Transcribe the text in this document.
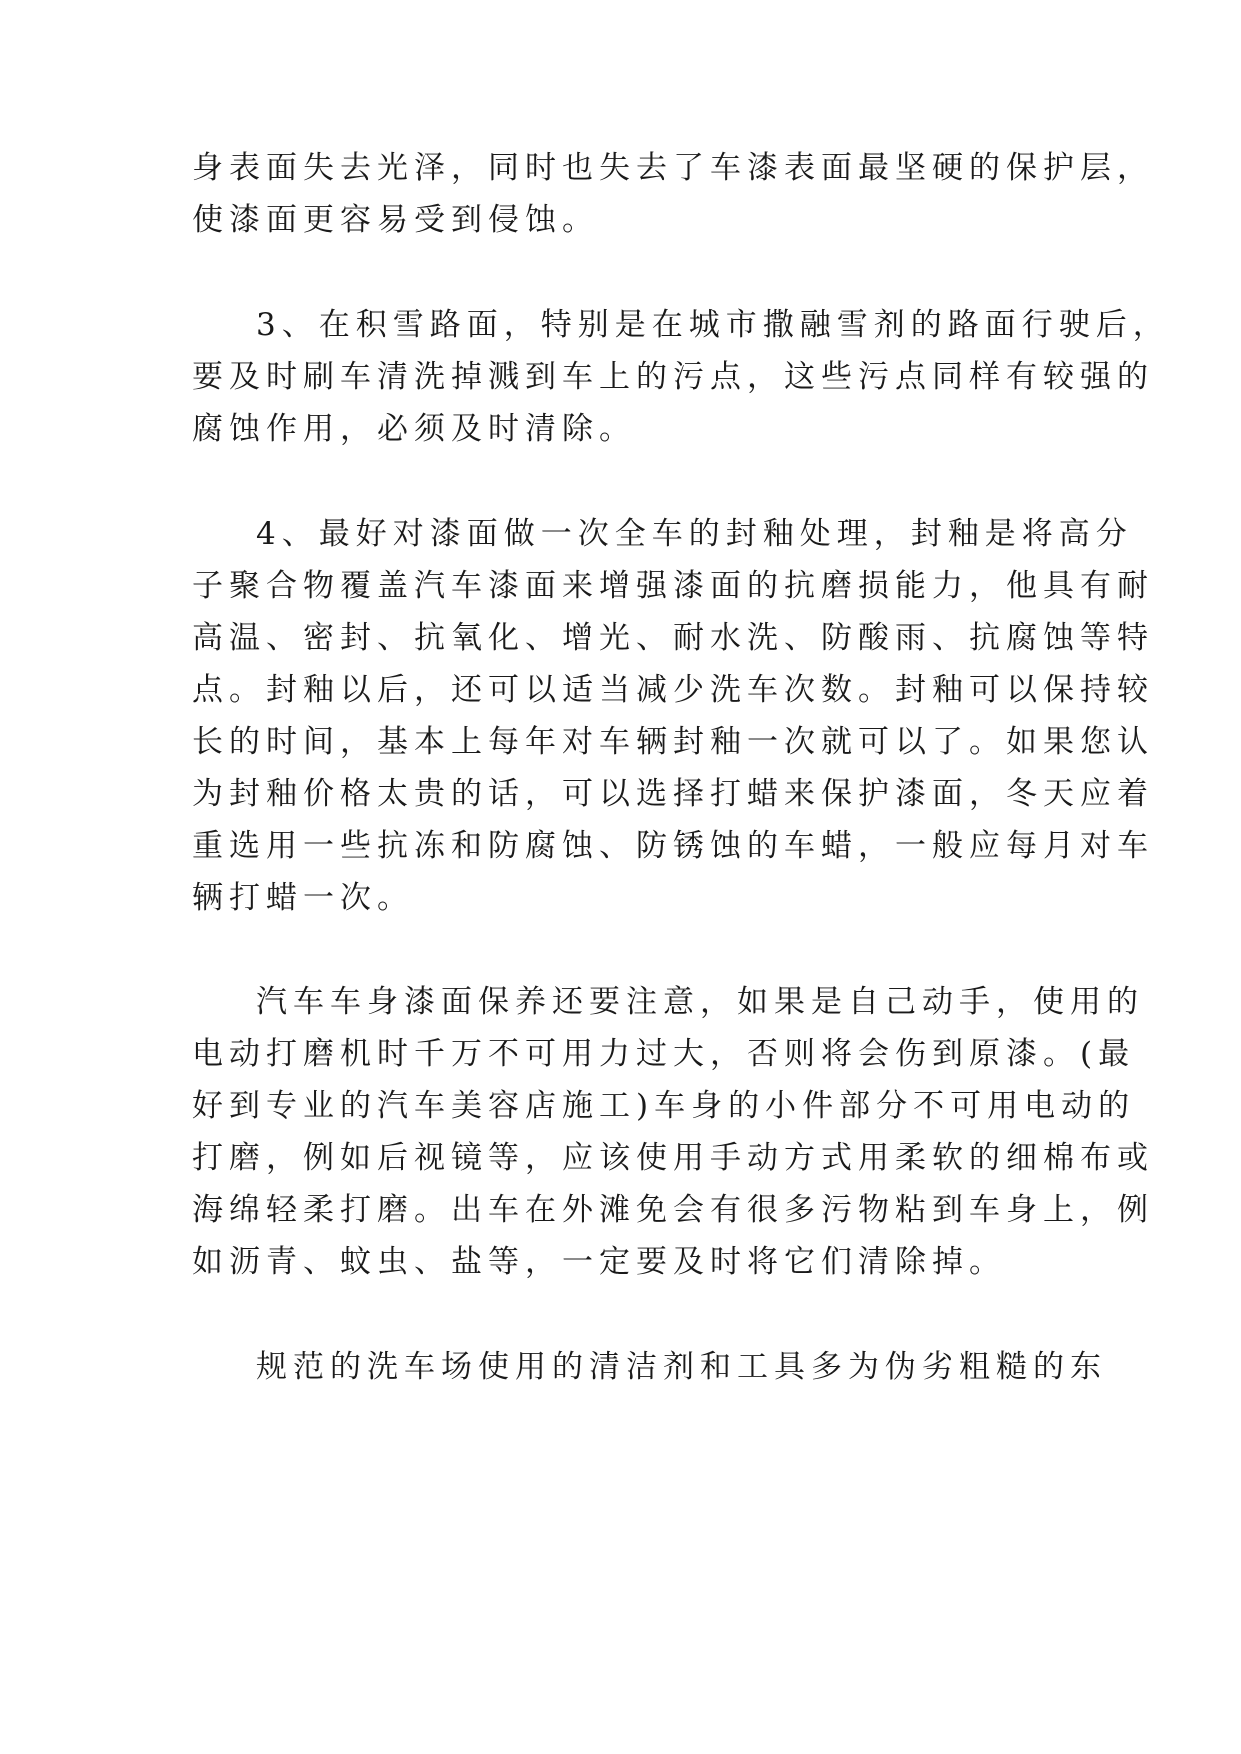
身表面失去光泽，同时也失去了车漆表面最坚硬的保护层，
使漆面更容易受到侵蚀。
3、在积雪路面，特别是在城市撒融雪剂的路面行驶后，
要及时刷车清洗掉溅到车上的污点，这些污点同样有较强的
腐蚀作用，必须及时清除。
4、最好对漆面做一次全车的封釉处理，封釉是将高分
子聚合物覆盖汽车漆面来增强漆面的抗磨损能力，他具有耐
高温、密封、抗氧化、增光、耐水洗、防酸雨、抗腐蚀等特
点。封釉以后，还可以适当减少洗车次数。封釉可以保持较
长的时间，基本上每年对车辆封釉一次就可以了。如果您认
为封釉价格太贵的话，可以选择打蜡来保护漆面，冬天应着
重选用一些抗冻和防腐蚀、防锈蚀的车蜡，一般应每月对车
辆打蜡一次。
汽车车身漆面保养还要注意，如果是自己动手，使用的
电动打磨机时千万不可用力过大，否则将会伤到原漆。(最
好到专业的汽车美容店施工)车身的小件部分不可用电动的
打磨，例如后视镜等，应该使用手动方式用柔软的细棉布或
海绵轻柔打磨。出车在外滩免会有很多污物粘到车身上，例
如沥青、蚊虫、盐等，一定要及时将它们清除掉。
规范的洗车场使用的清洁剂和工具多为伪劣粗糙的东
